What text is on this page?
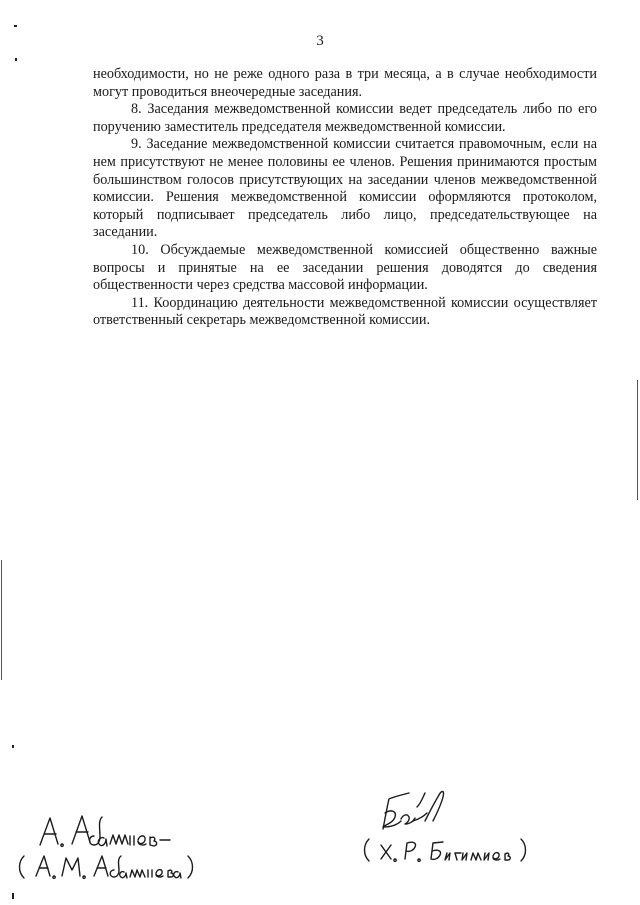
3

необходимости, но не реже одного раза в три месяца, а в случае необходимости могут проводиться внеочередные заседания.

8. Заседания межведомственной комиссии ведет председатель либо по его поручению заместитель председателя межведомственной комиссии.

9. Заседание межведомственной комиссии считается правомочным, если на нем присутствуют не менее половины ее членов. Решения принимаются простым большинством голосов присутствующих на заседании членов межведомственной комиссии. Решения межведомственной комиссии оформляются протоколом, который подписывает председатель либо лицо, председательствующее на заседании.

10. Обсуждаемые межведомственной комиссией общественно важные вопросы и принятые на ее заседании решения доводятся до сведения общественности через средства массовой информации.

11. Координацию деятельности межведомственной комиссии осуществляет ответственный секретарь межведомственной комиссии.
